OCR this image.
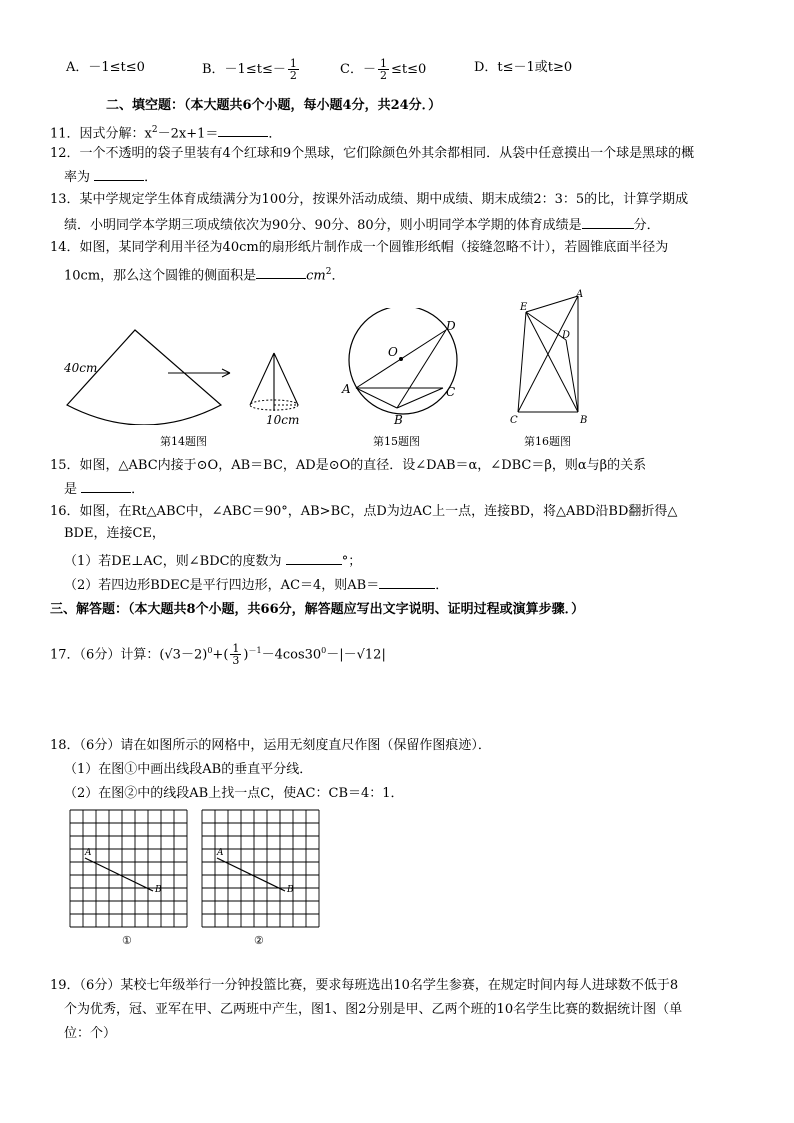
A．－1≤t≤0	B．$-1\le t\le- \frac{1}{2}$	C．－ $\frac{1}{2} \le t\le 0$	D．t≤－1或t≥0
二、填空题：（本大题共6个小题，每小题4分，共24分．）
11．因式分解：$x^2-2x+1=$	．
12．一个不透明的袋子里装有4个红球和9个黑球，它们除颜色外其余都相同．从袋中任意摸出一个球是黑球的概
率为	．
13．某中学规定学生体育成绩满分为100分，按课外活动成绩、期中成绩、期末成绩2：3：5的比，计算学期成
绩．小明同学本学期三项成绩依次为90分、90分、80分，则小明同学本学期的体育成绩是	分．
14．如图，某同学利用半径为40cm的扇形纸片制作成一个圆锥形纸帽（接缝忽略不计），若圆锥底面半径为
10cm，那么这个圆锥的侧面积是	$cm^2$．
40cm
10cm
第14题图
O
D
A	C
B
第15题图
A
E
D
C	B
第16题图
15．如图，△ABC内接于⊙O，AB＝BC，AD是⊙O的直径．设∠DAB＝α，∠DBC＝β，则α与β的关系
是	．
16．如图，在Rt△ABC中，∠ABC＝90°，AB>BC，点D为边AC上一点，连接BD，将△ABD沿BD翻折得△
BDE，连接CE，
（1）若DE⊥AC，则∠BDC的度数为	°；
（2）若四边形BDEC是平行四边形，AC＝4，则AB＝	．
三、解答题：（本大题共8个小题，共66分，解答题应写出文字说明、证明过程或演算步骤．）
17．（6分）计算：$(√3-2)^0+( \frac{1}{3} )^{-1}-4\cos 30^0-|-√12|$
18．（6分）请在如图所示的网格中，运用无刻度直尺作图（保留作图痕迹）．
（1）在图①中画出线段AB的垂直平分线．
（2）在图②中的线段AB上找一点C，使AC：CB＝4：1．
A
B
①
A
B
②
19．（6分）某校七年级举行一分钟投篮比赛，要求每班选出10名学生参赛，在规定时间内每人进球数不低于8
个为优秀，冠、亚军在甲、乙两班中产生，图1、图2分别是甲、乙两个班的10名学生比赛的数据统计图（单
位：个）
